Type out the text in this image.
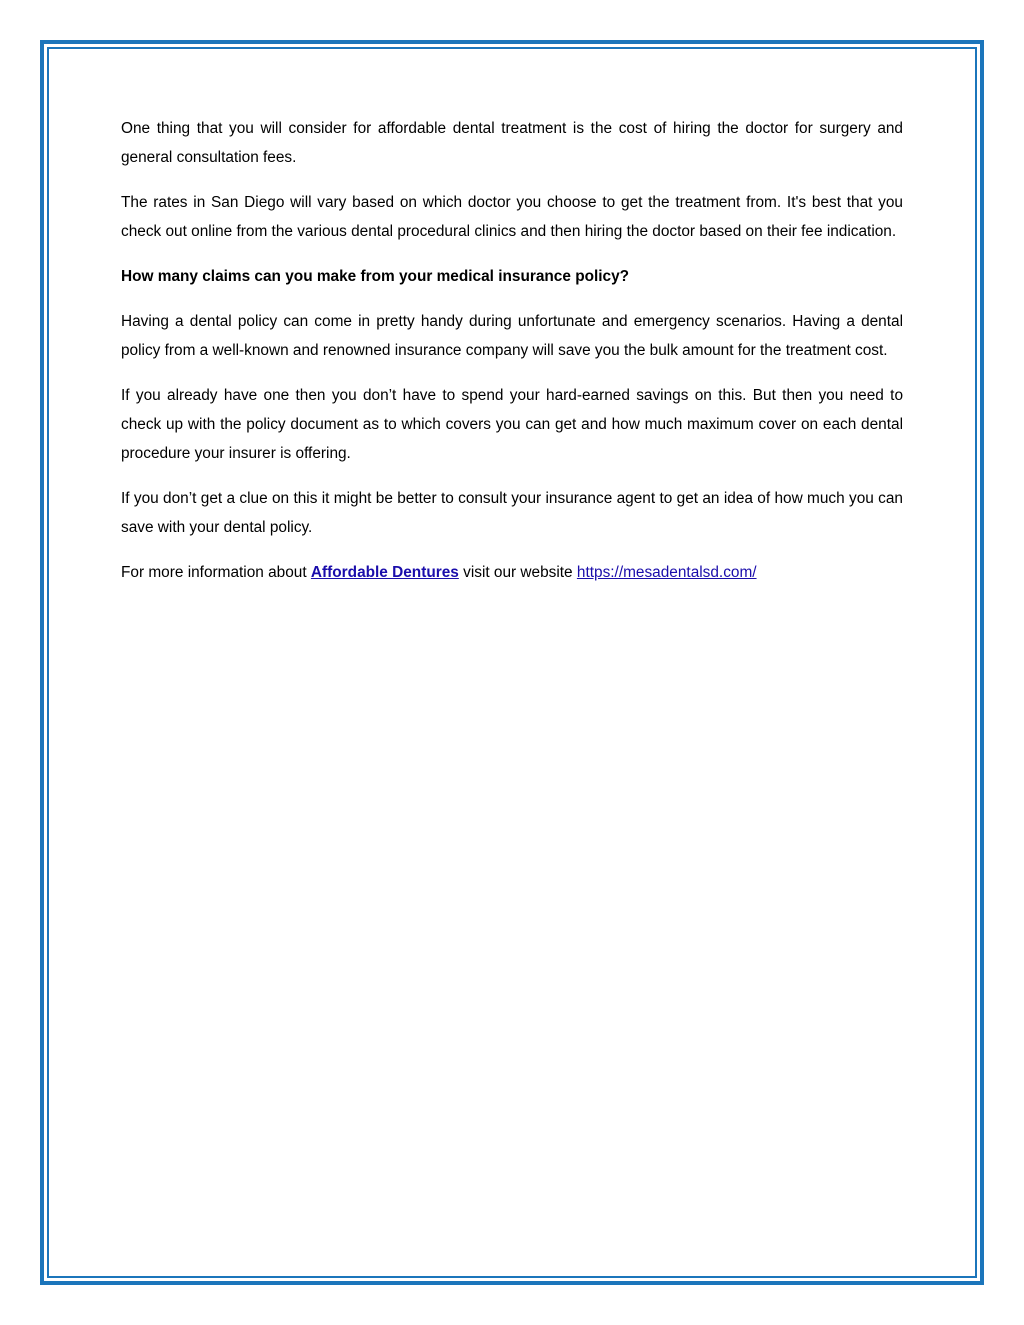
One thing that you will consider for affordable dental treatment is the cost of hiring the doctor for surgery and general consultation fees.

The rates in San Diego will vary based on which doctor you choose to get the treatment from. It's best that you check out online from the various dental procedural clinics and then hiring the doctor based on their fee indication.

How many claims can you make from your medical insurance policy?

Having a dental policy can come in pretty handy during unfortunate and emergency scenarios. Having a dental policy from a well-known and renowned insurance company will save you the bulk amount for the treatment cost.

If you already have one then you don’t have to spend your hard-earned savings on this. But then you need to check up with the policy document as to which covers you can get and how much maximum cover on each dental procedure your insurer is offering.

If you don’t get a clue on this it might be better to consult your insurance agent to get an idea of how much you can save with your dental policy.

For more information about Affordable Dentures visit our website https://mesadentalsd.com/
